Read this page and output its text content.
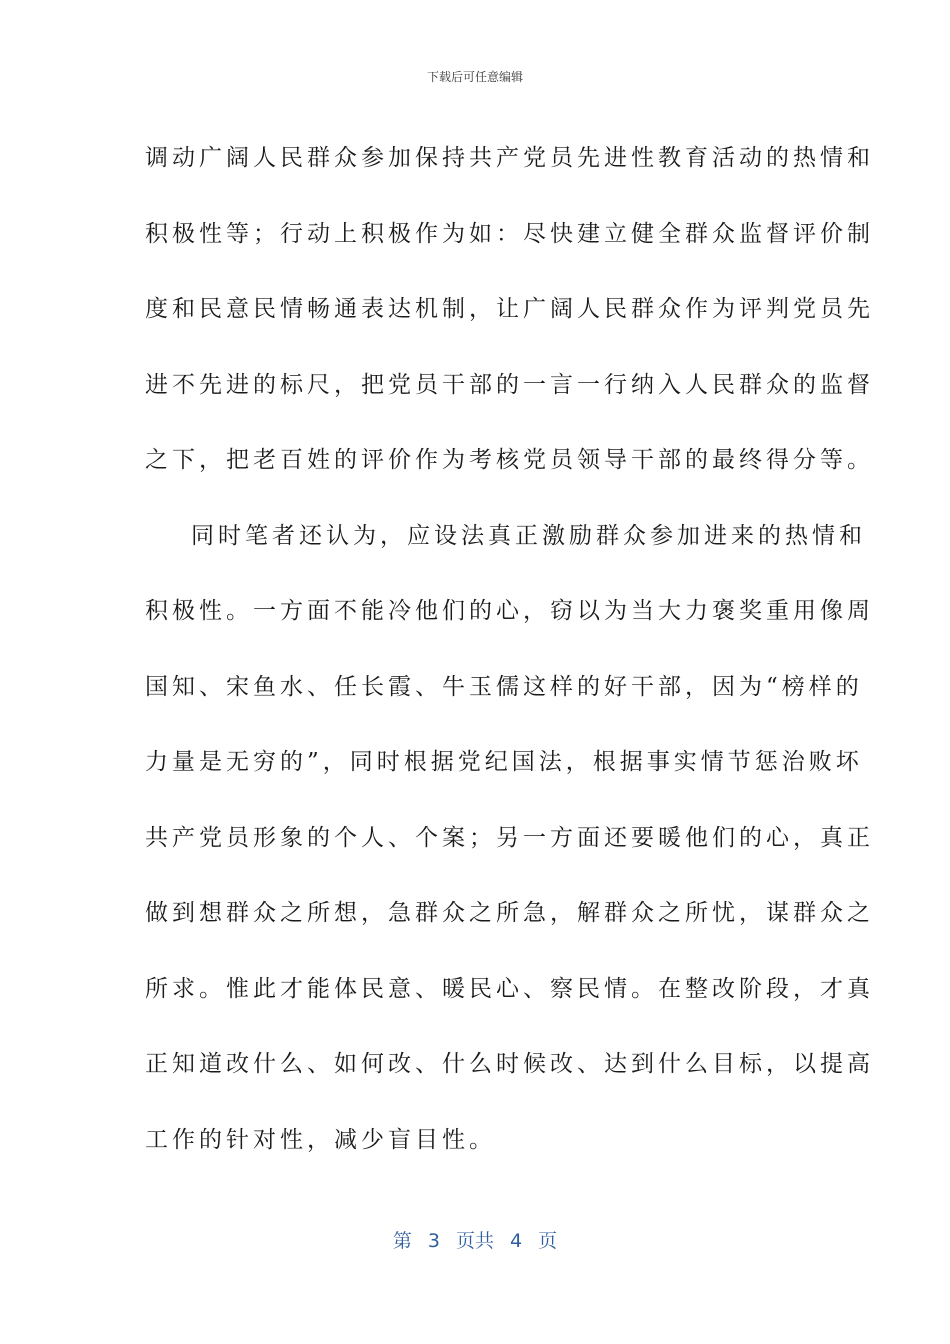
下载后可任意编辑

调动广阔人民群众参加保持共产党员先进性教育活动的热情和
积极性等；行动上积极作为如：尽快建立健全群众监督评价制
度和民意民情畅通表达机制，让广阔人民群众作为评判党员先
进不先进的标尺，把党员干部的一言一行纳入人民群众的监督
之下，把老百姓的评价作为考核党员领导干部的最终得分等。

同时笔者还认为，应设法真正激励群众参加进来的热情和
积极性。一方面不能冷他们的心，窃以为当大力褒奖重用像周
国知、宋鱼水、任长霞、牛玉儒这样的好干部，因为“榜样的
力量是无穷的”，同时根据党纪国法，根据事实情节惩治败坏
共产党员形象的个人、个案；另一方面还要暖他们的心，真正
做到想群众之所想，急群众之所急，解群众之所忧，谋群众之
所求。惟此才能体民意、暖民心、察民情。在整改阶段，才真
正知道改什么、如何改、什么时候改、达到什么目标，以提高
工作的针对性，减少盲目性。

第 3 页共 4 页
